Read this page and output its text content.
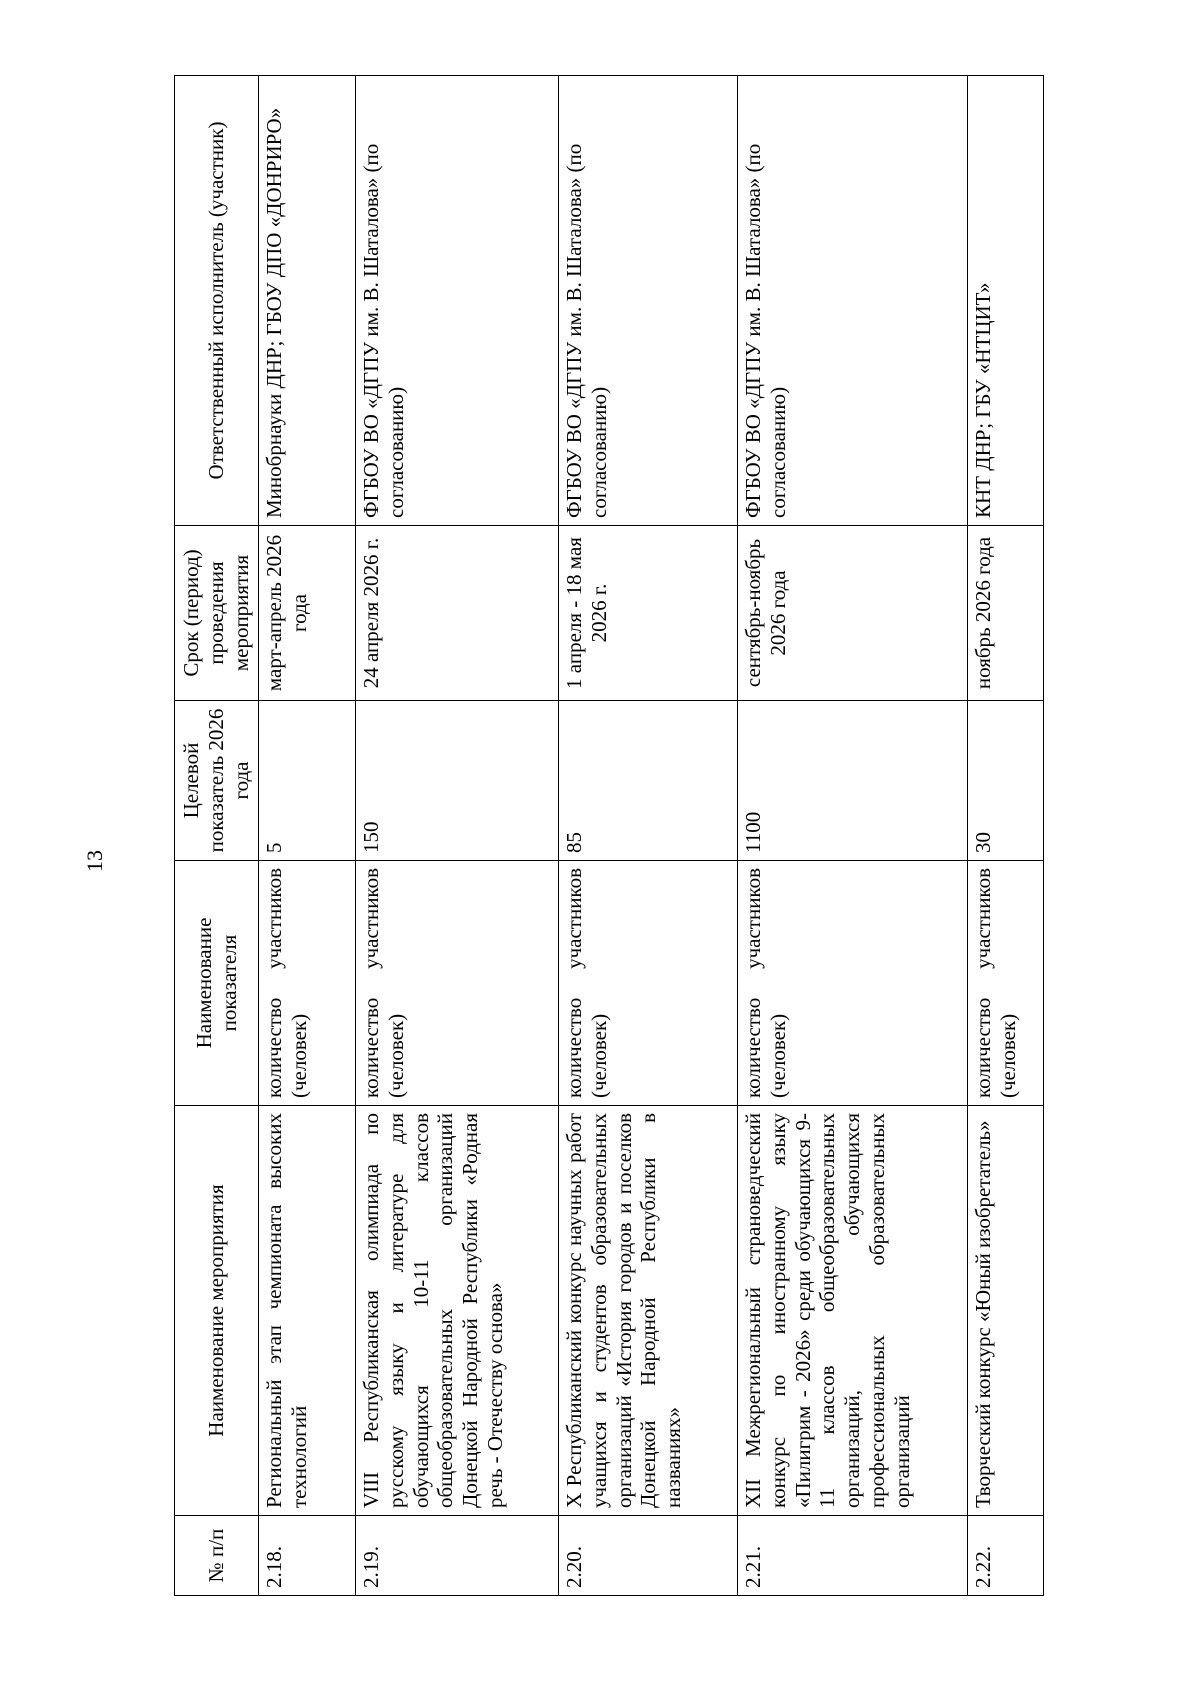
13
№ п/п	Наименование мероприятия	Наименование показателя	Целевой показатель 2026 года	Срок (период) проведения мероприятия	Ответственный исполнитель (участник)
2.18.	Региональный этап чемпионата высоких технологий	количество участников (человек)	5	март-апрель 2026 года	Минобрнауки ДНР; ГБОУ ДПО «ДОНРИРО»
2.19.	VIII Республиканская олимпиада по русскому языку и литературе для обучающихся 10-11 классов общеобразовательных организаций Донецкой Народной Республики «Родная речь - Отечеству основа»	количество участников (человек)	150	24 апреля 2026 г.	ФГБОУ ВО «ДГПУ им. В. Шаталова» (по согласованию)
2.20.	X Республиканский конкурс научных работ учащихся и студентов образовательных организаций «История городов и поселков Донецкой Народной Республики в названиях»	количество участников (человек)	85	1 апреля - 18 мая 2026 г.	ФГБОУ ВО «ДГПУ им. В. Шаталова» (по согласованию)
2.21.	XII Межрегиональный страноведческий конкурс по иностранному языку «Пилигрим - 2026» среди обучающихся 9-11 классов общеобразовательных организаций, обучающихся профессиональных образовательных организаций	количество участников (человек)	1100	сентябрь-ноябрь 2026 года	ФГБОУ ВО «ДГПУ им. В. Шаталова» (по согласованию)
2.22.	Творческий конкурс «Юный изобретатель»	количество участников (человек)	30	ноябрь 2026 года	КНТ ДНР; ГБУ «НТЦИТ»
